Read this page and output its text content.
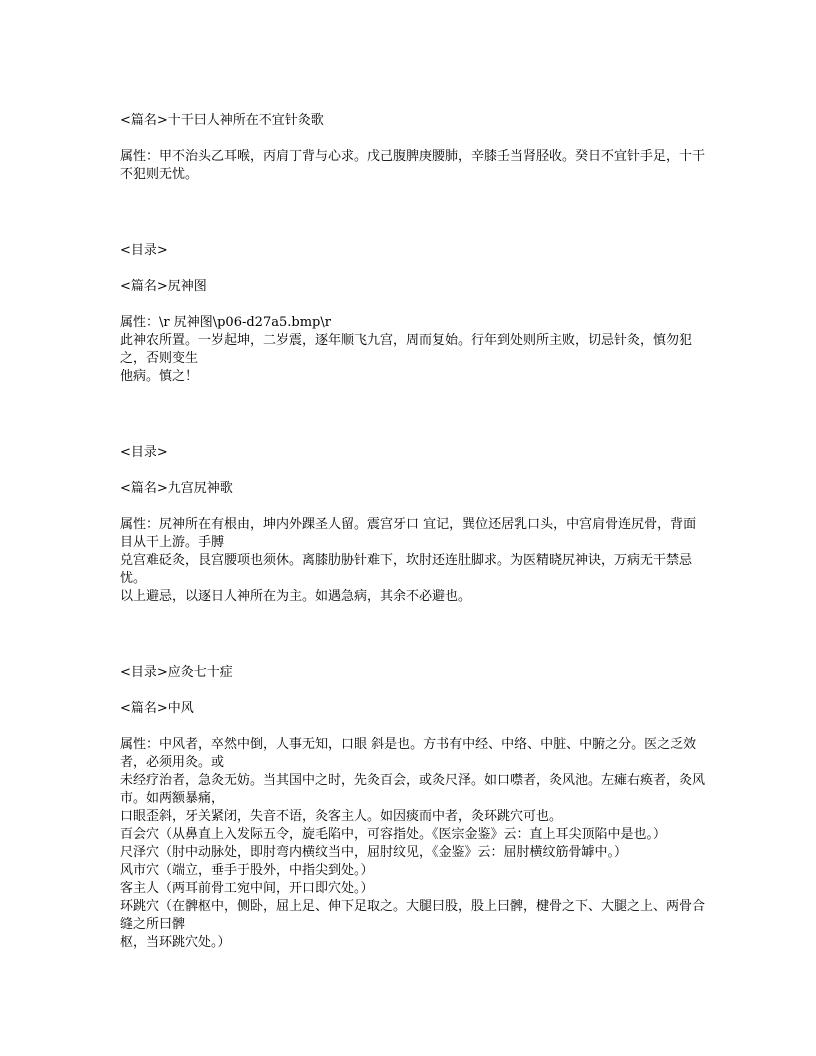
<篇名>十干曰人神所在不宜针灸歌

属性：甲不治头乙耳喉，丙肩丁背与心求。戊己腹脾庚腰肺，辛膝壬当肾胫收。癸日不宜针手足，十干不犯则无忧。

<目录>

<篇名>尻神图

属性：\r 尻神图\p06-d27a5.bmp\r

此神农所置。一岁起坤，二岁震，逐年顺飞九宫，周而复始。行年到处则所主败，切忌针灸，慎勿犯之，否则变生

他病。慎之！

<目录>

<篇名>九宫尻神歌

属性：尻神所在有根由，坤内外踝圣人留。震宫牙口 宜记，巽位还居乳口头，中宫肩骨连尻骨，背面目从干上游。手膊

兑宫难砭灸，艮宫腰项也须休。离膝肋胁针难下，坎肘还连肚脚求。为医精晓尻神诀，万病无干禁忌忧。

以上避忌，以逐日人神所在为主。如遇急病，其余不必避也。

<目录>应灸七十症

<篇名>中风

属性：中风者，卒然中倒，人事无知，口眼 斜是也。方书有中经、中络、中脏、中腑之分。医之乏效者，必须用灸。或

未经疗治者，急灸无妨。当其国中之时，先灸百会，或灸尺泽。如口噤者，灸风池。左瘫右痪者，灸风市。如两额暴痛，

口眼歪斜，牙关紧闭，失音不语，灸客主人。如因痰而中者，灸环跳穴可也。

百会穴（从鼻直上入发际五令，旋毛陷中，可容指处。《医宗金鉴》云：直上耳尖顶陷中是也。）

尺泽穴（肘中动脉处，即肘弯内横纹当中，屈肘纹见，《金鉴》云：屈肘横纹筋骨罅中。）

风市穴（端立，垂手于股外，中指尖到处。）

客主人（两耳前骨工宛中间，开口即穴处。）

环跳穴（在髀枢中，侧卧，屈上足、伸下足取之。大腿曰股，股上曰髀，楗骨之下、大腿之上、两骨合缝之所曰髀

枢，当环跳穴处。）
